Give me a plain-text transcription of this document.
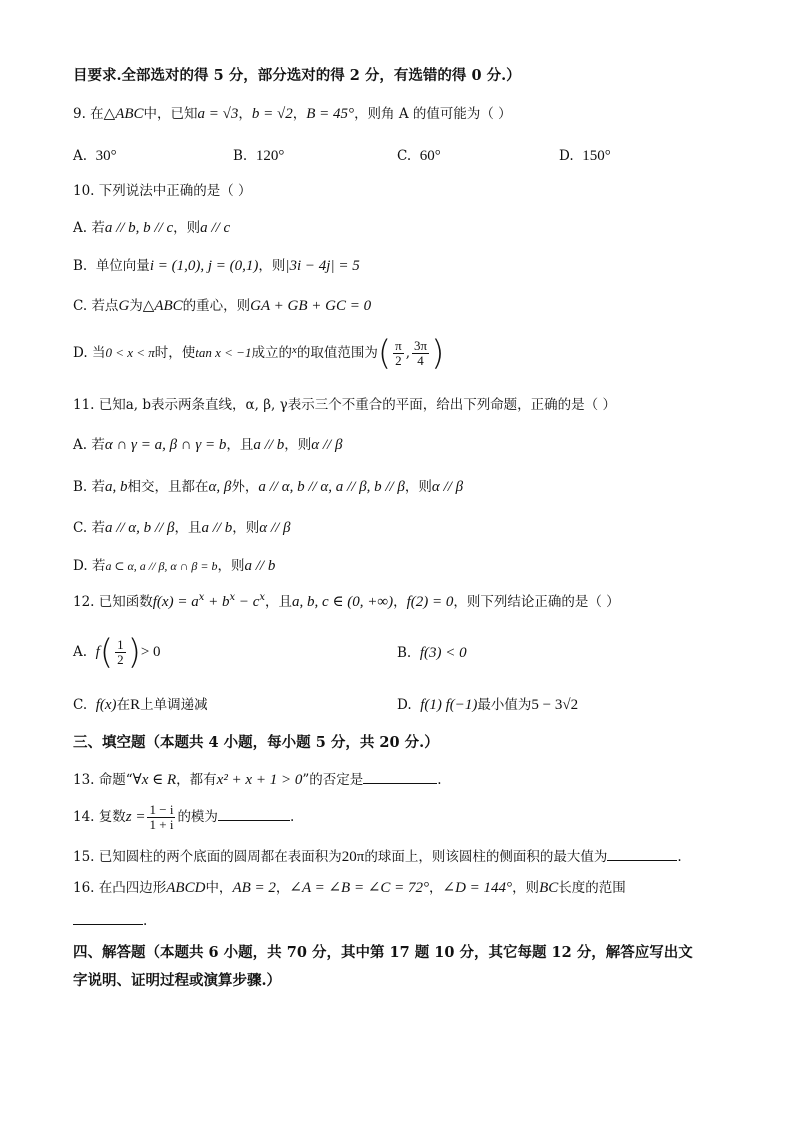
目要求.全部选对的得 5 分，部分选对的得 2 分，有选错的得 0 分.）
9. 在△ABC中，已知a = √3，b = √2，B = 45°，则角 A 的值可能为（ ）
A. 30°	B. 120°	C. 60°	D. 150°
10. 下列说法中正确的是（ ）
A. 若a // b, b // c，则a // c
B. 单位向量i = (1,0), j = (0,1)，则|3i − 4j| = 5
C. 若点G为△ABC的重心，则GA + GB + GC = 0
D. 当0 < x < π时，使tan x < −1成立的$^x$的取值范围为( $\frac{\pi}{2}$ , $\frac{3\pi}{4}$ )
11. 已知a, b表示两条直线，α, β, γ表示三个不重合的平面，给出下列命题，正确的是（ ）
A. 若α ∩ γ = a, β ∩ γ = b，且a // b，则α // β
B. 若a, b相交，且都在α, β外，a // α, b // α, a // β, b // β，则α // β
C. 若a // α, b // β，且a // b，则α // β
D. 若a ⊂ α, a // β, α ∩ β = b，则a // b
12. 已知函数$f(x) = a^x + b^x - c^x$，且a, b, c ∈ (0, +∞)，f(2) = 0，则下列结论正确的是（ ）
A. $f( \frac{1}{2}$ )> 0	B. f(3) < 0
C. f(x)在R上单调递减	D. f(1) f(−1)最小值为5 − 3√2
三、填空题（本题共 4 小题，每小题 5 分，共 20 分.）
13. 命题“∀x ∈ R，都有x² + x + 1 > 0”的否定是	.
14. 复数$z = \frac{1 - i}{1 + i}$ 的模为	.
15. 已知圆柱的两个底面的圆周都在表面积为20π的球面上，则该圆柱的侧面积的最大值为	.
16. 在凸四边形ABCD中，AB = 2，∠A = ∠B = ∠C = 72°，∠D = 144°，则BC长度的范围
.
四、解答题（本题共 6 小题，共 70 分，其中第 17 题 10 分，其它每题 12 分，解答应写出文
字说明、证明过程或演算步骤.）
